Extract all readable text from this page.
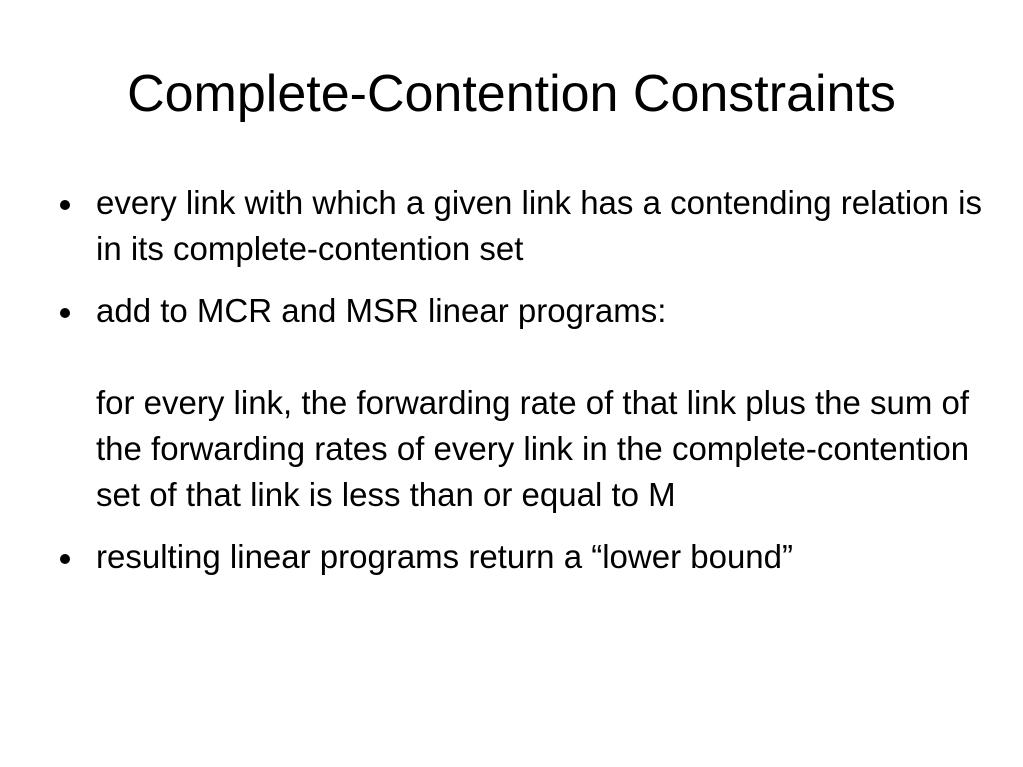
Complete-Contention Constraints
every link with which a given link has a contending relation is in its complete-contention set
add to MCR and MSR linear programs:
for every link, the forwarding rate of that link plus the sum of the forwarding rates of every link in the complete-contention set of that link is less than or equal to M
resulting linear programs return a “lower bound”
